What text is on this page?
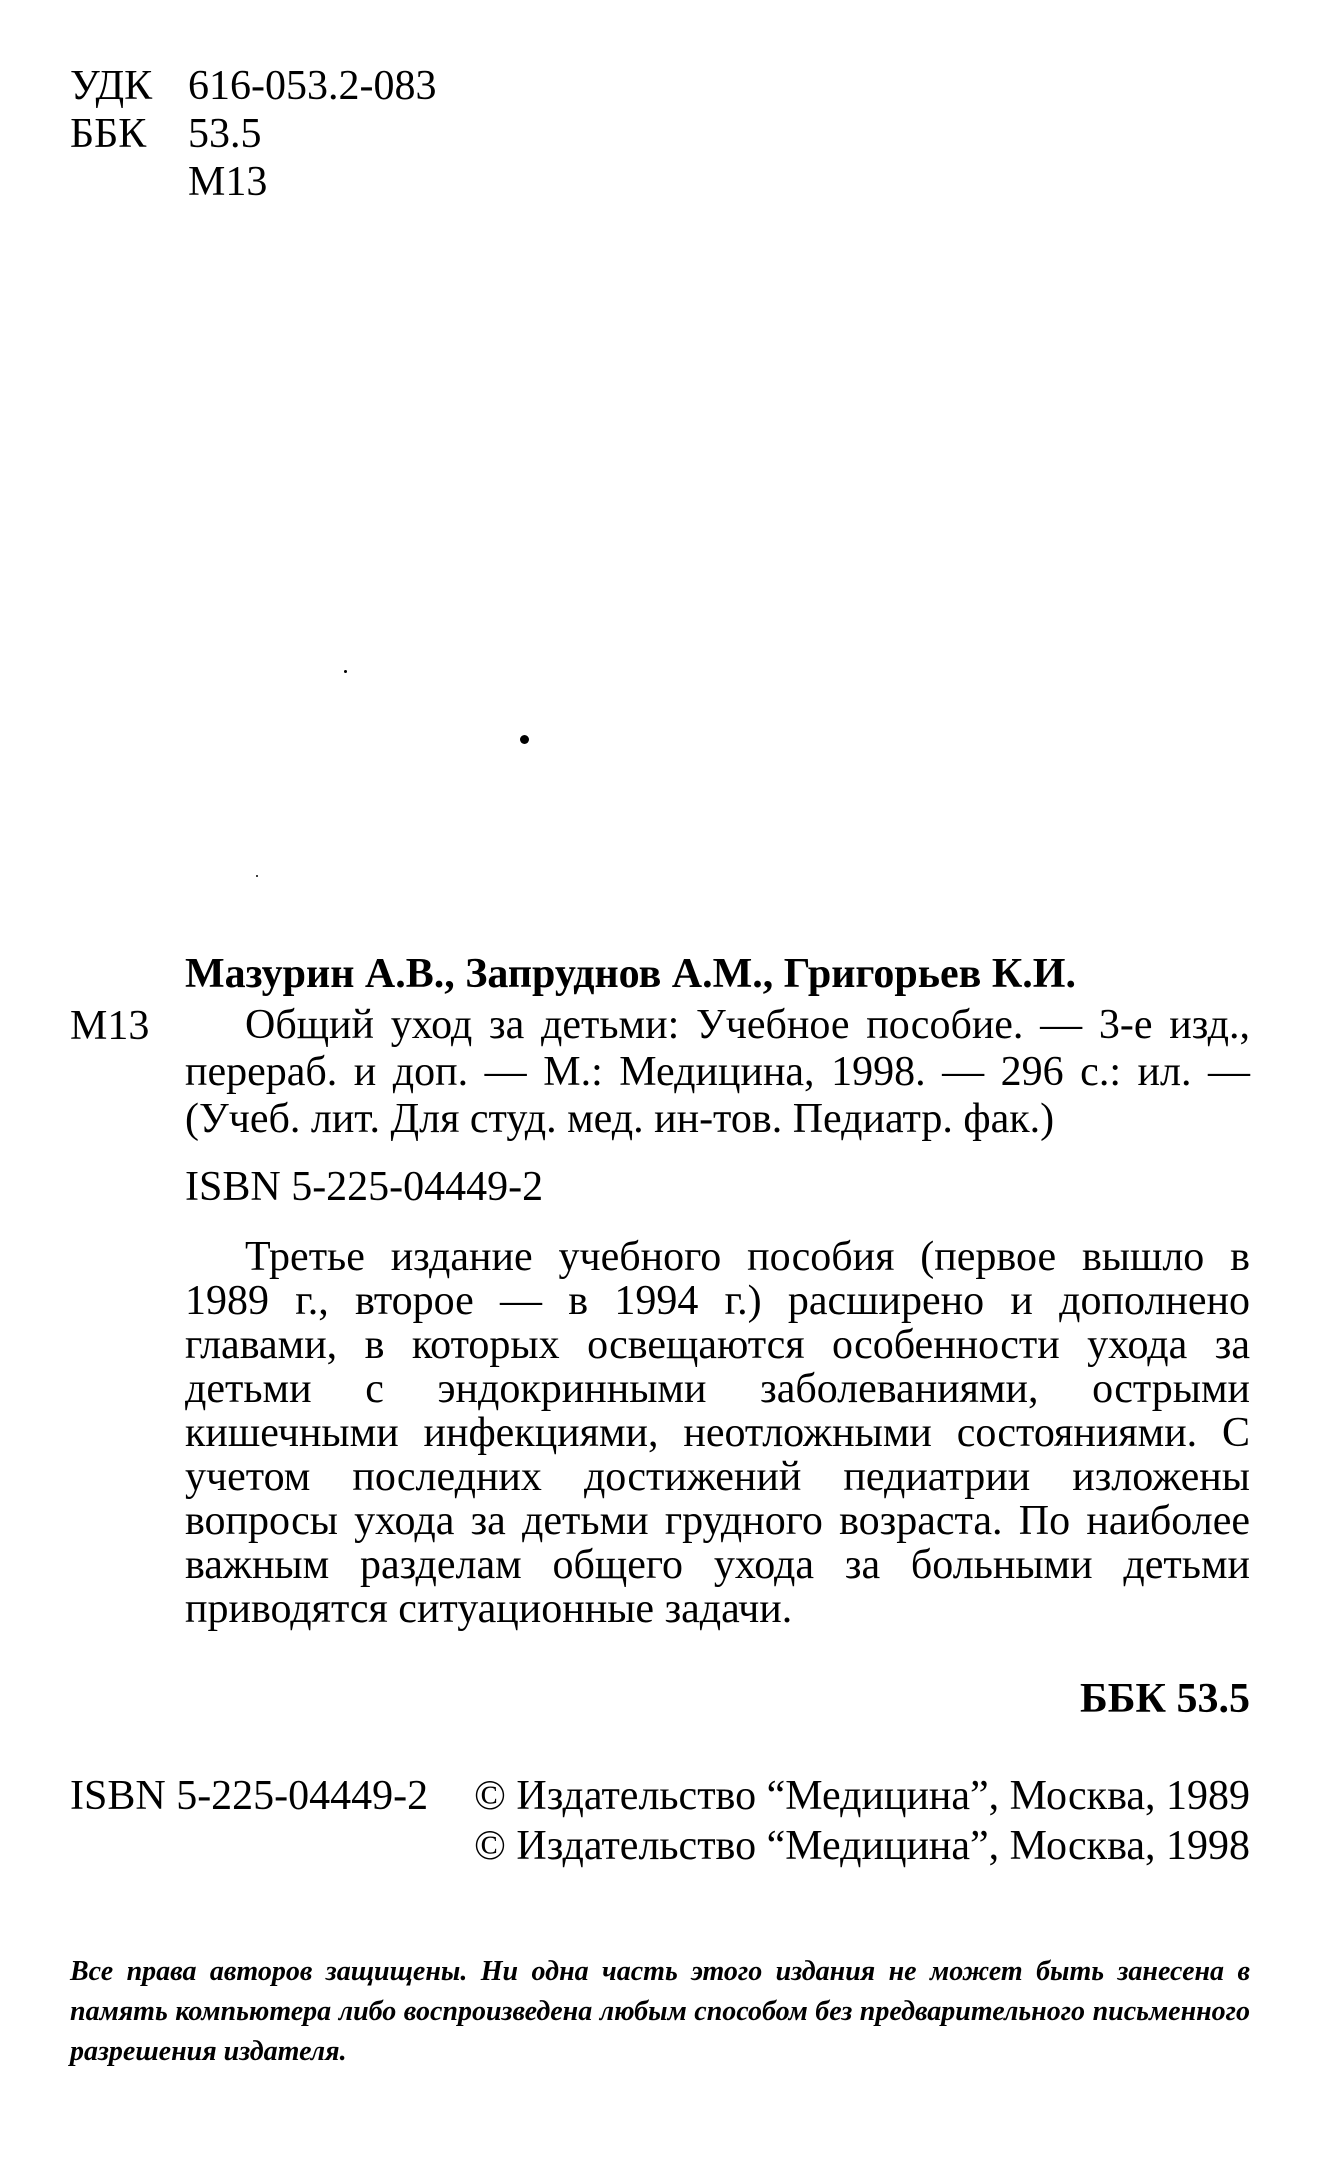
УДК 616-053.2-083
ББК 53.5
М13
Мазурин А.В., Запруднов А.М., Григорьев К.И.
М13	Общий уход за детьми: Учебное пособие. — 3-е изд., перераб. и доп. — М.: Медицина, 1998. — 296 с.: ил. — (Учеб. лит. Для студ. мед. ин-тов. Педиатр. фак.)
ISBN 5-225-04449-2
Третье издание учебного пособия (первое вышло в 1989 г., второе — в 1994 г.) расширено и дополнено главами, в которых освещаются особенности ухода за детьми с эндокринными заболеваниями, острыми кишечными инфекциями, неотложными состояниями. С учетом последних достижений педиатрии изложены вопросы ухода за детьми грудного возраста. По наиболее важным разделам общего ухода за больными детьми приводятся ситуационные задачи.
ББК 53.5
ISBN 5-225-04449-2 © Издательство “Медицина”, Москва, 1989
© Издательство “Медицина”, Москва, 1998
Все права авторов защищены. Ни одна часть этого издания не может быть занесена в память компьютера либо воспроизведена любым способом без предварительного письменного разрешения издателя.
